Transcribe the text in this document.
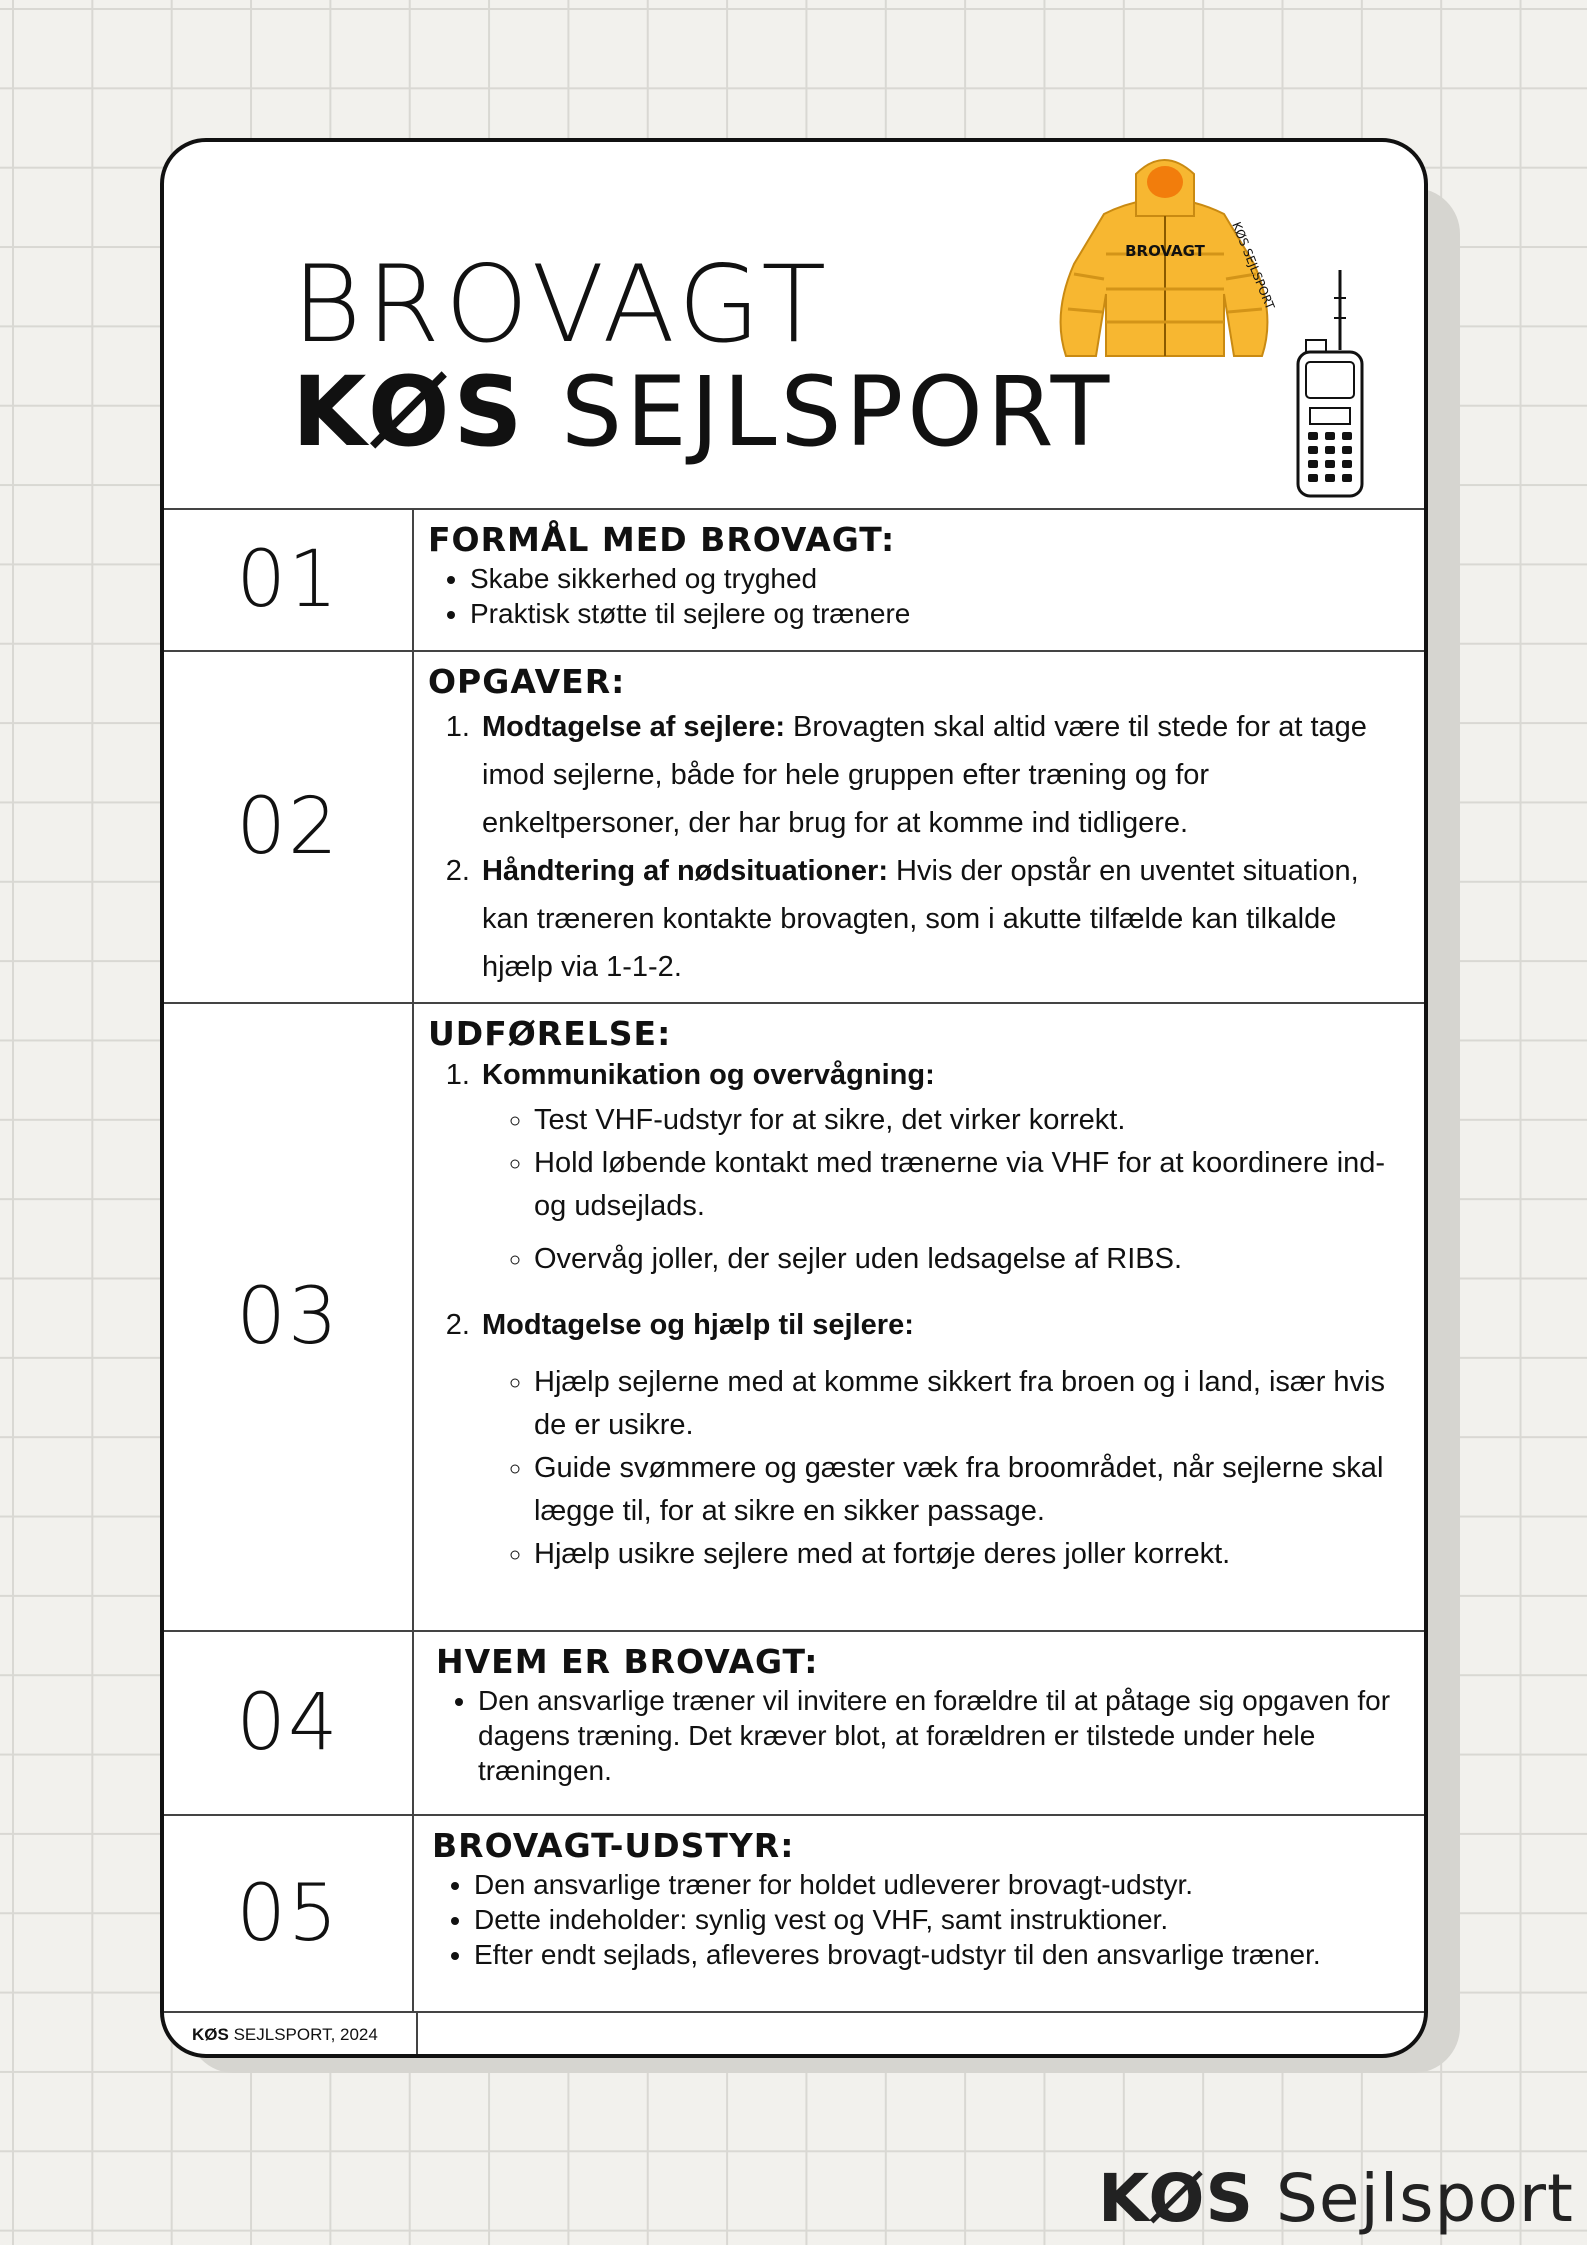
BROVAGT
KØS SEJLSPORT
BROVAGT KØS SEJLSPORT
01	FORMÅL MED BROVAGT:
• Skabe sikkerhed og tryghed
• Praktisk støtte til sejlere og trænere
02
OPGAVER:
1. Modtagelse af sejlere: Brovagten skal altid være til stede for at tage imod sejlerne, både for hele gruppen efter træning og for enkeltpersoner, der har brug for at komme ind tidligere.
2. Håndtering af nødsituationer: Hvis der opstår en uventet situation, kan træneren kontakte brovagten, som i akutte tilfælde kan tilkalde hjælp via 1-1-2.
03
UDFØRELSE:
1. Kommunikation og overvågning:
◦ Test VHF-udstyr for at sikre, det virker korrekt.
◦ Hold løbende kontakt med trænerne via VHF for at koordinere ind- og udsejlads.
◦ Overvåg joller, der sejler uden ledsagelse af RIBS.
2. Modtagelse og hjælp til sejlere:
◦ Hjælp sejlerne med at komme sikkert fra broen og i land, især hvis de er usikre.
◦ Guide svømmere og gæster væk fra broområdet, når sejlerne skal lægge til, for at sikre en sikker passage.
◦ Hjælp usikre sejlere med at fortøje deres joller korrekt.
04
HVEM ER BROVAGT:
• Den ansvarlige træner vil invitere en forældre til at påtage sig opgaven for dagens træning. Det kræver blot, at forældren er tilstede under hele træningen.
05
BROVAGT-UDSTYR:
• Den ansvarlige træner for holdet udleverer brovagt-udstyr.
• Dette indeholder: synlig vest og VHF, samt instruktioner.
• Efter endt sejlads, afleveres brovagt-udstyr til den ansvarlige træner.
KØS SEJLSPORT, 2024
KØS Sejlsport
